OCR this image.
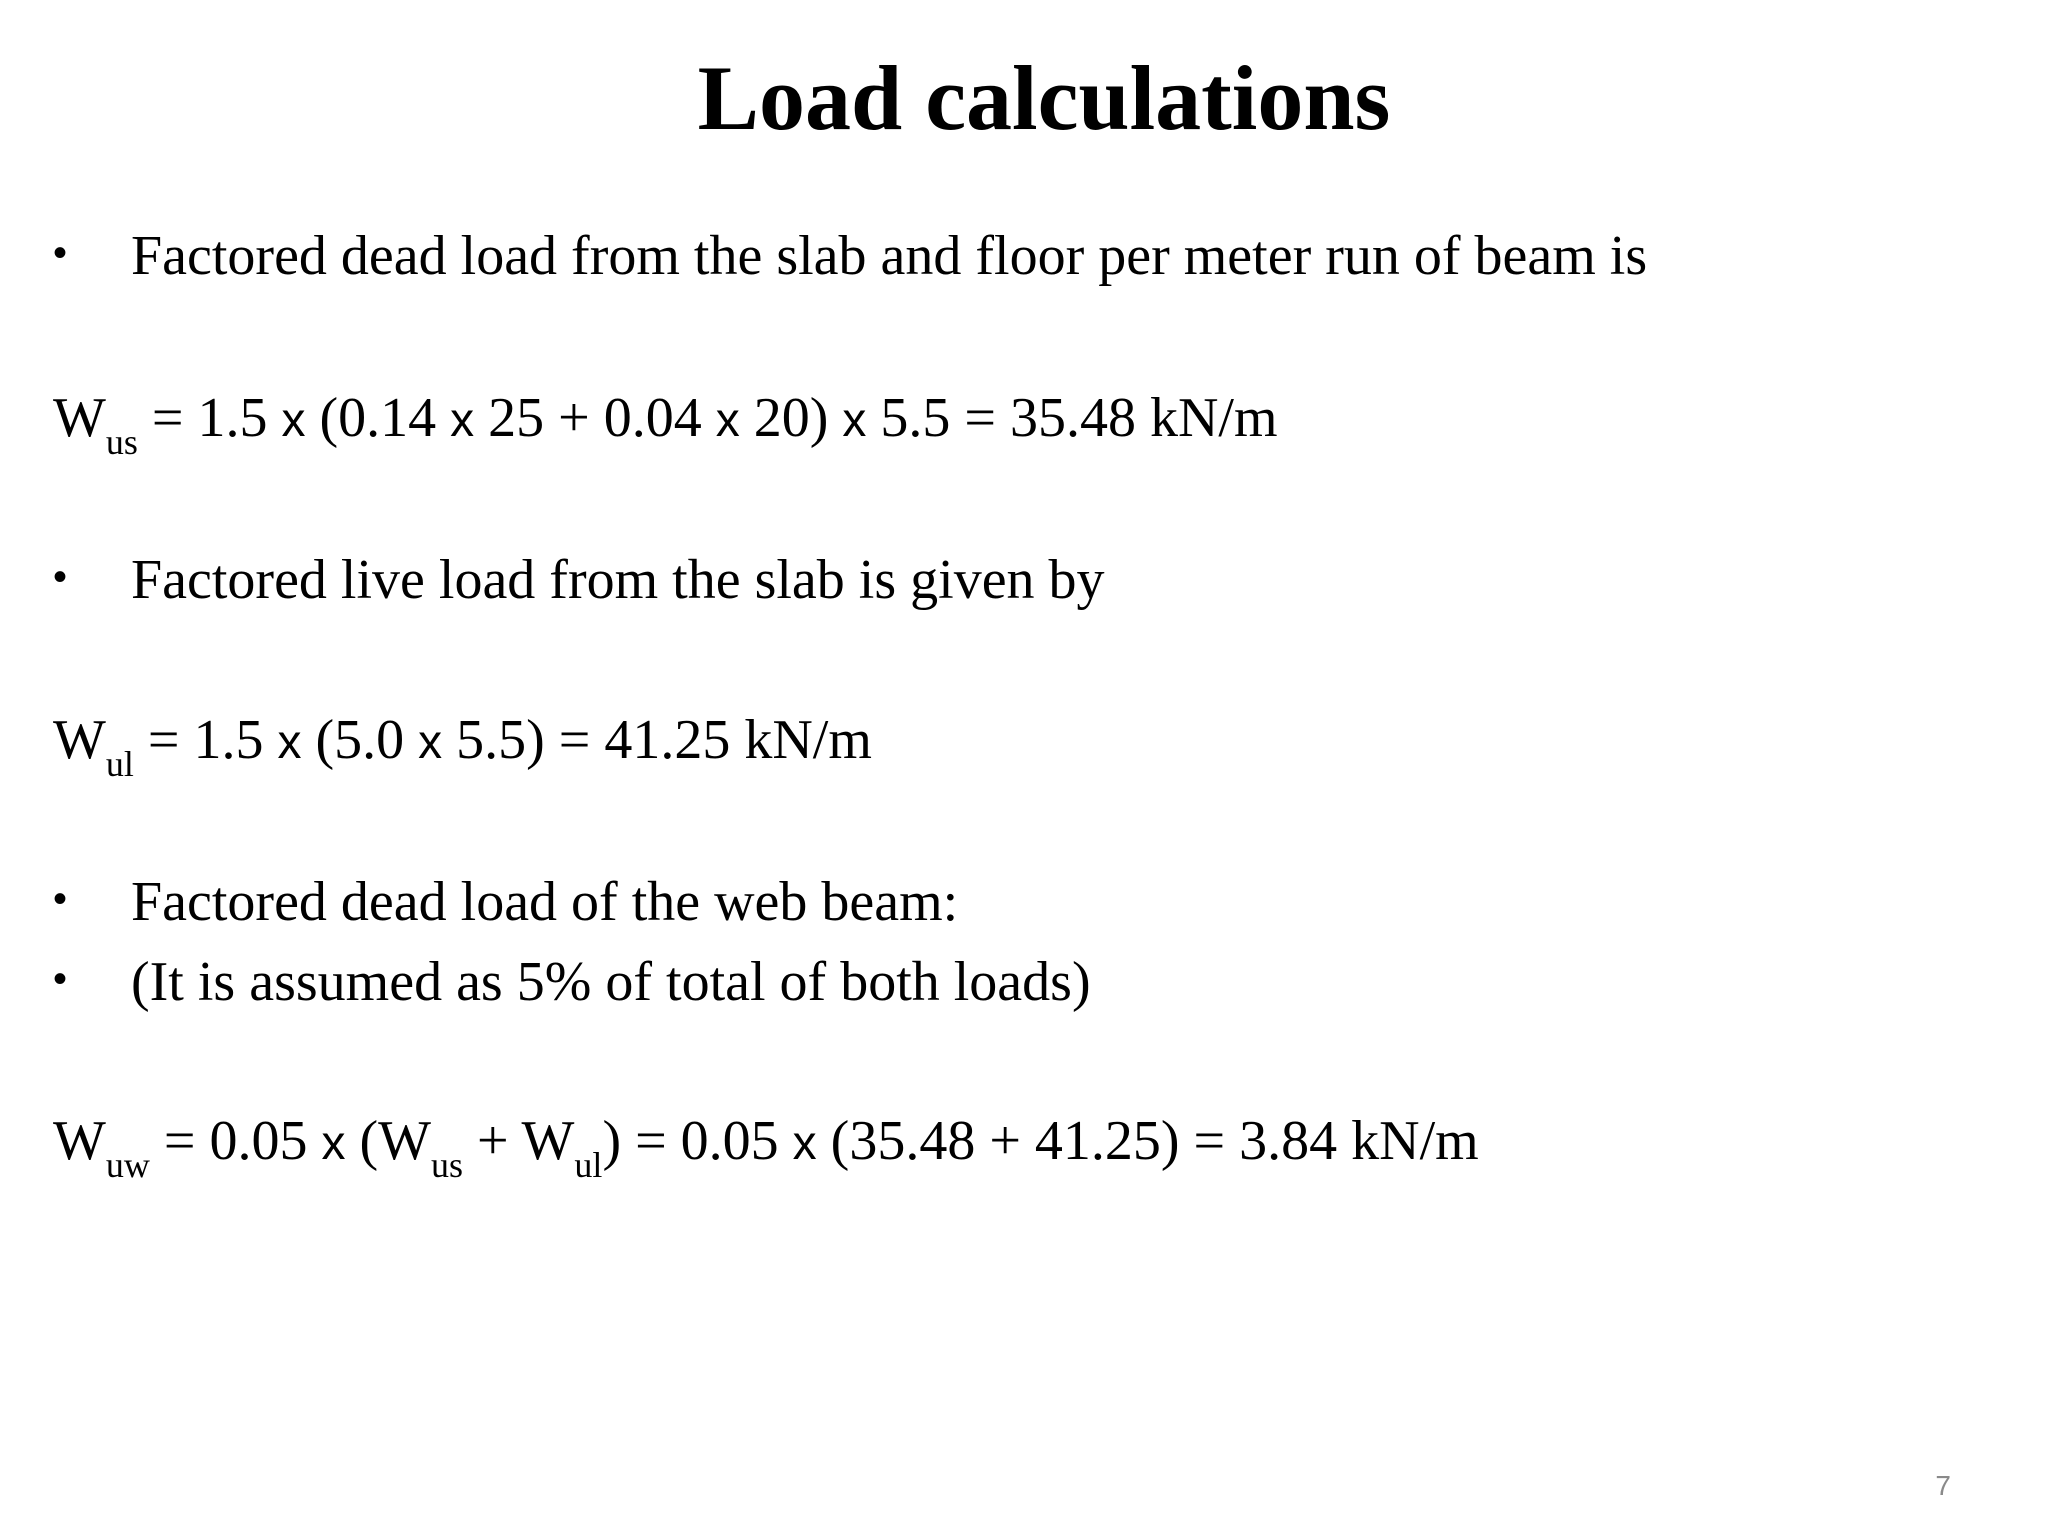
Load calculations
• Factored dead load from the slab and floor per meter run of beam is
$W_{us} = 1.5$ x (0.14 x 25 + 0.04 x 20) x 5.5 = 35.48 kN/m
• Factored live load from the slab is given by
$W_{ul} = 1.5$ x (5.0 x 5.5) = 41.25 kN/m
• Factored dead load of the web beam:
• (It is assumed as 5% of total of both loads)
$W_{uw} = 0.05$ x $(W_{us} + W_{ul}) = 0.05$ x (35.48 + 41.25) = 3.84 kN/m
7
